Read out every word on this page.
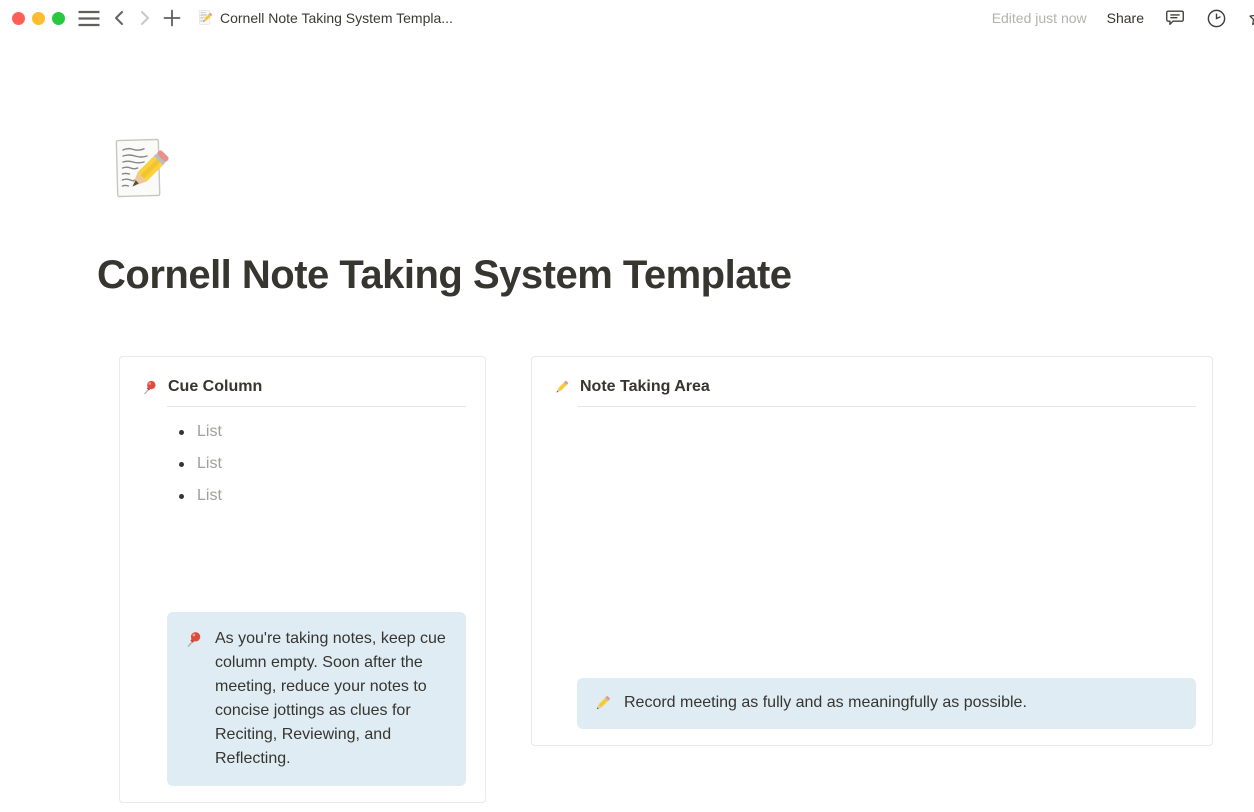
Cornell Note Taking System Templa...	Edited just now Share
Cornell Note Taking System Template
Cue Column
List
List
List
As you're taking notes, keep cue column empty. Soon after the meeting, reduce your notes to concise jottings as clues for Reciting, Reviewing, and Reflecting.
Note Taking Area
Record meeting as fully and as meaningfully as possible.
